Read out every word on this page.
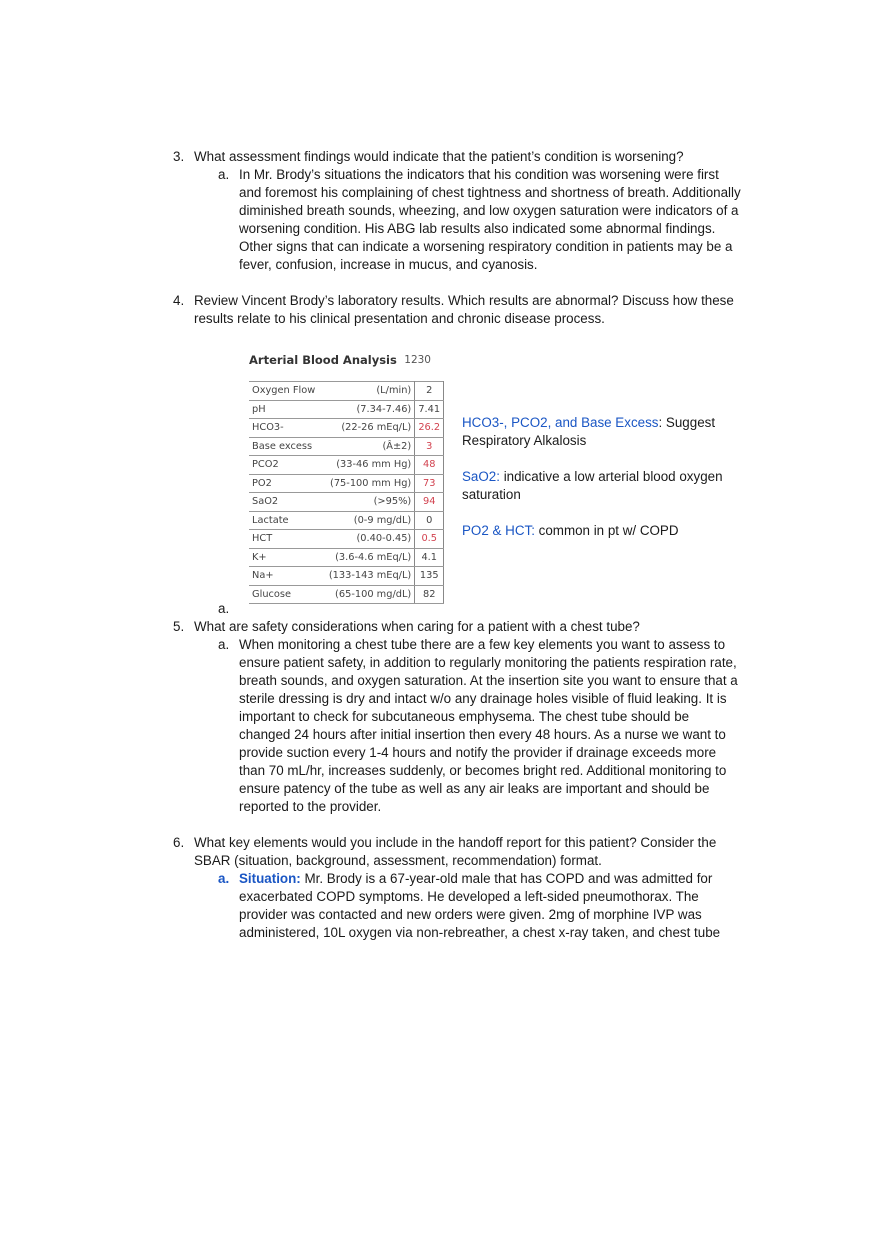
3. What assessment findings would indicate that the patient’s condition is worsening?
a. In Mr. Brody’s situations the indicators that his condition was worsening were first and foremost his complaining of chest tightness and shortness of breath. Additionally diminished breath sounds, wheezing, and low oxygen saturation were indicators of a worsening condition. His ABG lab results also indicated some abnormal findings. Other signs that can indicate a worsening respiratory condition in patients may be a fever, confusion, increase in mucus, and cyanosis.
4. Review Vincent Brody’s laboratory results. Which results are abnormal? Discuss how these results relate to his clinical presentation and chronic disease process.
Arterial Blood Analysis 1230
Oxygen Flow	(L/min)	2
pH	(7.34-7.46)	7.41
HCO3-	(22-26 mEq/L)	26.2
Base excess	(Â±2)	3
PCO2	(33-46 mm Hg)	48
PO2	(75-100 mm Hg)	73
SaO2	(>95%)	94
Lactate	(0-9 mg/dL)	0
HCT	(0.40-0.45)	0.5
K+	(3.6-4.6 mEq/L)	4.1
Na+	(133-143 mEq/L)	135
Glucose	(65-100 mg/dL)	82

HCO3-, PCO2, and Base Excess: Suggest Respiratory Alkalosis

SaO2: indicative a low arterial blood oxygen saturation

PO2 & HCT: common in pt w/ COPD

a.
5. What are safety considerations when caring for a patient with a chest tube?
a. When monitoring a chest tube there are a few key elements you want to assess to ensure patient safety, in addition to regularly monitoring the patients respiration rate, breath sounds, and oxygen saturation. At the insertion site you want to ensure that a sterile dressing is dry and intact w/o any drainage holes visible of fluid leaking. It is important to check for subcutaneous emphysema. The chest tube should be changed 24 hours after initial insertion then every 48 hours. As a nurse we want to provide suction every 1-4 hours and notify the provider if drainage exceeds more than 70 mL/hr, increases suddenly, or becomes bright red. Additional monitoring to ensure patency of the tube as well as any air leaks are important and should be reported to the provider.
6. What key elements would you include in the handoff report for this patient? Consider the SBAR (situation, background, assessment, recommendation) format.
a. Situation: Mr. Brody is a 67-year-old male that has COPD and was admitted for exacerbated COPD symptoms. He developed a left-sided pneumothorax. The provider was contacted and new orders were given. 2mg of morphine IVP was administered, 10L oxygen via non-rebreather, a chest x-ray taken, and chest tube
